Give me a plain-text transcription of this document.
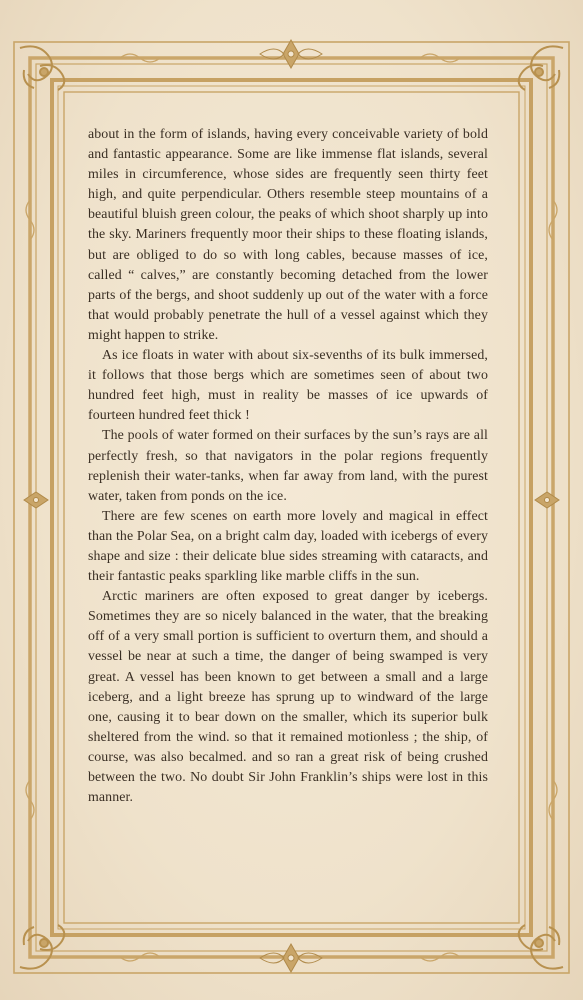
about in the form of islands, having every conceivable variety of bold and fantastic appearance. Some are like immense flat islands, several miles in circumference, whose sides are frequently seen thirty feet high, and quite perpendicular. Others resemble steep mountains of a beautiful bluish green colour, the peaks of which shoot sharply up into the sky. Mariners frequently moor their ships to these floating islands, but are obliged to do so with long cables, because masses of ice, called “ calves,” are constantly becoming detached from the lower parts of the bergs, and shoot suddenly up out of the water with a force that would probably penetrate the hull of a vessel against which they might happen to strike.

As ice floats in water with about six-sevenths of its bulk immersed, it follows that those bergs which are sometimes seen of about two hundred feet high, must in reality be masses of ice upwards of fourteen hundred feet thick !

The pools of water formed on their surfaces by the sun’s rays are all perfectly fresh, so that navigators in the polar regions frequently replenish their water-tanks, when far away from land, with the purest water, taken from ponds on the ice.

There are few scenes on earth more lovely and magical in effect than the Polar Sea, on a bright calm day, loaded with icebergs of every shape and size : their delicate blue sides streaming with cataracts, and their fantastic peaks sparkling like marble cliffs in the sun.

Arctic mariners are often exposed to great danger by icebergs. Sometimes they are so nicely balanced in the water, that the breaking off of a very small portion is sufficient to overturn them, and should a vessel be near at such a time, the danger of being swamped is very great. A vessel has been known to get between a small and a large iceberg, and a light breeze has sprung up to windward of the large one, causing it to bear down on the smaller, which its superior bulk sheltered from the wind. so that it remained motionless ; the ship, of course, was also becalmed. and so ran a great risk of being crushed between the two. No doubt Sir John Franklin’s ships were lost in this manner.
